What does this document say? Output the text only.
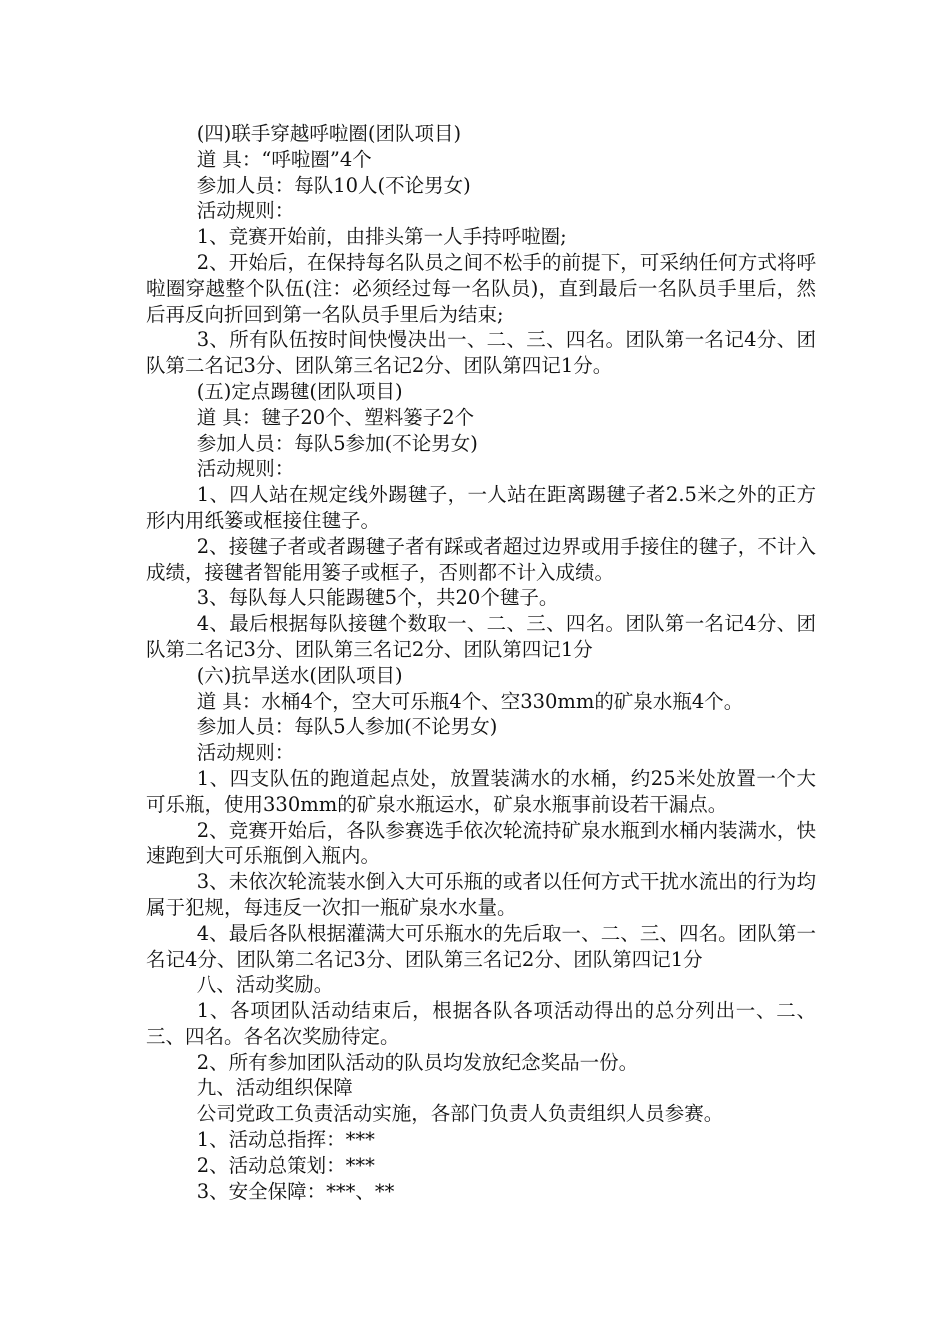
(四)联手穿越呼啦圈(团队项目)

道 具：“呼啦圈”4个

参加人员：每队10人(不论男女)

活动规则：

1、竞赛开始前，由排头第一人手持呼啦圈;

2、开始后，在保持每名队员之间不松手的前提下，可采纳任何方式将呼啦圈穿越整个队伍(注：必须经过每一名队员)，直到最后一名队员手里后，然后再反向折回到第一名队员手里后为结束;

3、所有队伍按时间快慢决出一、二、三、四名。团队第一名记4分、团队第二名记3分、团队第三名记2分、团队第四记1分。

(五)定点踢毽(团队项目)

道 具：毽子20个、塑料篓子2个

参加人员：每队5参加(不论男女)

活动规则：

1、四人站在规定线外踢毽子，一人站在距离踢毽子者2.5米之外的正方形内用纸篓或框接住毽子。

2、接毽子者或者踢毽子者有踩或者超过边界或用手接住的毽子，不计入成绩，接毽者智能用篓子或框子，否则都不计入成绩。

3、每队每人只能踢毽5个，共20个毽子。

4、最后根据每队接毽个数取一、二、三、四名。团队第一名记4分、团队第二名记3分、团队第三名记2分、团队第四记1分

(六)抗旱送水(团队项目)

道 具：水桶4个，空大可乐瓶4个、空330mm的矿泉水瓶4个。

参加人员：每队5人参加(不论男女)

活动规则：

1、四支队伍的跑道起点处，放置装满水的水桶，约25米处放置一个大可乐瓶，使用330mm的矿泉水瓶运水，矿泉水瓶事前设若干漏点。

2、竞赛开始后，各队参赛选手依次轮流持矿泉水瓶到水桶内装满水，快速跑到大可乐瓶倒入瓶内。

3、未依次轮流装水倒入大可乐瓶的或者以任何方式干扰水流出的行为均属于犯规，每违反一次扣一瓶矿泉水水量。

4、最后各队根据灌满大可乐瓶水的先后取一、二、三、四名。团队第一名记4分、团队第二名记3分、团队第三名记2分、团队第四记1分

八、活动奖励。

1、各项团队活动结束后，根据各队各项活动得出的总分列出一、二、三、四名。各名次奖励待定。

2、所有参加团队活动的队员均发放纪念奖品一份。

九、活动组织保障

公司党政工负责活动实施，各部门负责人负责组织人员参赛。

1、活动总指挥：***

2、活动总策划：***

3、安全保障：***、**
